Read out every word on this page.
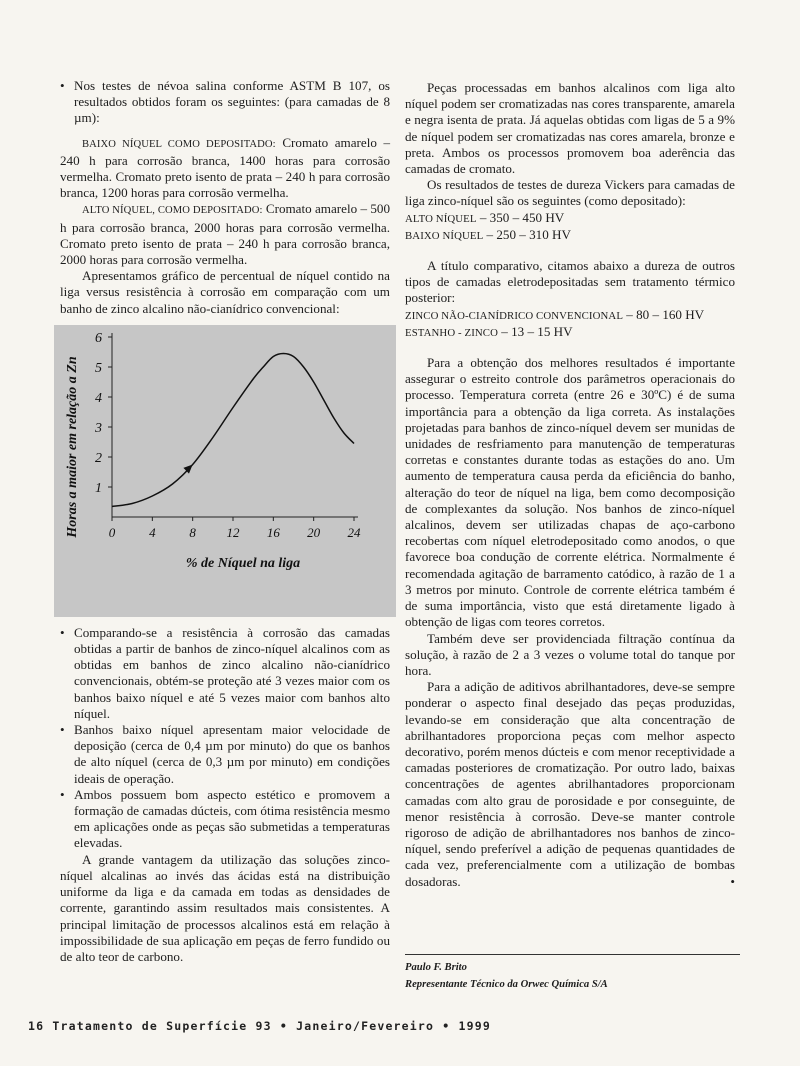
• Nos testes de névoa salina conforme ASTM B 107, os resultados obtidos foram os seguintes: (para camadas de 8 µm):

BAIXO NÍQUEL COMO DEPOSITADO: Cromato amarelo – 240 h para corrosão branca, 1400 horas para corrosão vermelha. Cromato preto isento de prata – 240 h para corrosão branca, 1200 horas para corrosão vermelha.

ALTO NÍQUEL, COMO DEPOSITADO: Cromato amarelo – 500 h para corrosão branca, 2000 horas para corrosão vermelha. Cromato preto isento de prata – 240 h para corrosão branca, 2000 horas para corrosão vermelha.

Apresentamos gráfico de percentual de níquel contido na liga versus resistência à corrosão em comparação com um banho de zinco alcalino não-cianídrico convencional:

1
2
3
4
5
6
0	4	8 12 16 20 24
% de Níquel na liga
Horas a maior em relação a Zn
• Comparando-se a resistência à corrosão das camadas obtidas a partir de banhos de zinco-níquel alcalinos com as obtidas em banhos de zinco alcalino não-cianídrico convencionais, obtém-se proteção até 3 vezes maior com os banhos baixo níquel e até 5 vezes maior com banhos alto níquel.
• Banhos baixo níquel apresentam maior velocidade de deposição (cerca de 0,4 µm por minuto) do que os banhos de alto níquel (cerca de 0,3 µm por minuto) em condições ideais de operação.
• Ambos possuem bom aspecto estético e promovem a formação de camadas dúcteis, com ótima resistência mesmo em aplicações onde as peças são submetidas a temperaturas elevadas.

A grande vantagem da utilização das soluções zinco-níquel alcalinas ao invés das ácidas está na distribuição uniforme da liga e da camada em todas as densidades de corrente, garantindo assim resultados mais consistentes. A principal limitação de processos alcalinos está em relação à impossibilidade de sua aplicação em peças de ferro fundido ou de alto teor de carbono.

Peças processadas em banhos alcalinos com liga alto níquel podem ser cromatizadas nas cores transparente, amarela e negra isenta de prata. Já aquelas obtidas com ligas de 5 a 9% de níquel podem ser cromatizadas nas cores amarela, bronze e preta. Ambos os processos promovem boa aderência das camadas de cromato.

Os resultados de testes de dureza Vickers para camadas de liga zinco-níquel são os seguintes (como depositado):

ALTO NÍQUEL – 350 – 450 HV

BAIXO NÍQUEL – 250 – 310 HV

A título comparativo, citamos abaixo a dureza de outros tipos de camadas eletrodepositadas sem tratamento térmico posterior:

ZINCO NÃO-CIANÍDRICO CONVENCIONAL – 80 – 160 HV

ESTANHO - ZINCO – 13 – 15 HV

Para a obtenção dos melhores resultados é importante assegurar o estreito controle dos parâmetros operacionais do processo. Temperatura correta (entre 26 e 30ºC) é de suma importância para a obtenção da liga correta. As instalações projetadas para banhos de zinco-níquel devem ser munidas de unidades de resfriamento para manutenção de temperaturas corretas e constantes durante todas as estações do ano. Um aumento de temperatura causa perda da eficiência do banho, alteração do teor de níquel na liga, bem como decomposição de complexantes da solução. Nos banhos de zinco-níquel alcalinos, devem ser utilizadas chapas de aço-carbono recobertas com níquel eletrodepositado como anodos, o que favorece boa condução de corrente elétrica. Normalmente é recomendada agitação de barramento catódico, à razão de 1 a 3 metros por minuto. Controle de corrente elétrica também é de suma importância, visto que está diretamente ligado à obtenção de ligas com teores corretos.

Também deve ser providenciada filtração contínua da solução, à razão de 2 a 3 vezes o volume total do tanque por hora.

Para a adição de aditivos abrilhantadores, deve-se sempre ponderar o aspecto final desejado das peças produzidas, levando-se em consideração que alta concentração de abrilhantadores proporciona peças com melhor aspecto decorativo, porém menos dúcteis e com menor receptividade a camadas posteriores de cromatização. Por outro lado, baixas concentrações de agentes abrilhantadores proporcionam camadas com alto grau de porosidade e por conseguinte, de menor resistência à corrosão. Deve-se manter controle rigoroso de adição de abrilhantadores nos banhos de zinco-níquel, sendo preferível a adição de pequenas quantidades de cada vez, preferencialmente com a utilização de bombas dosadoras.	•

Paulo F. Brito
Representante Técnico da Orwec Química S/A
16 Tratamento de Superfície 93 • Janeiro/Fevereiro • 1999
